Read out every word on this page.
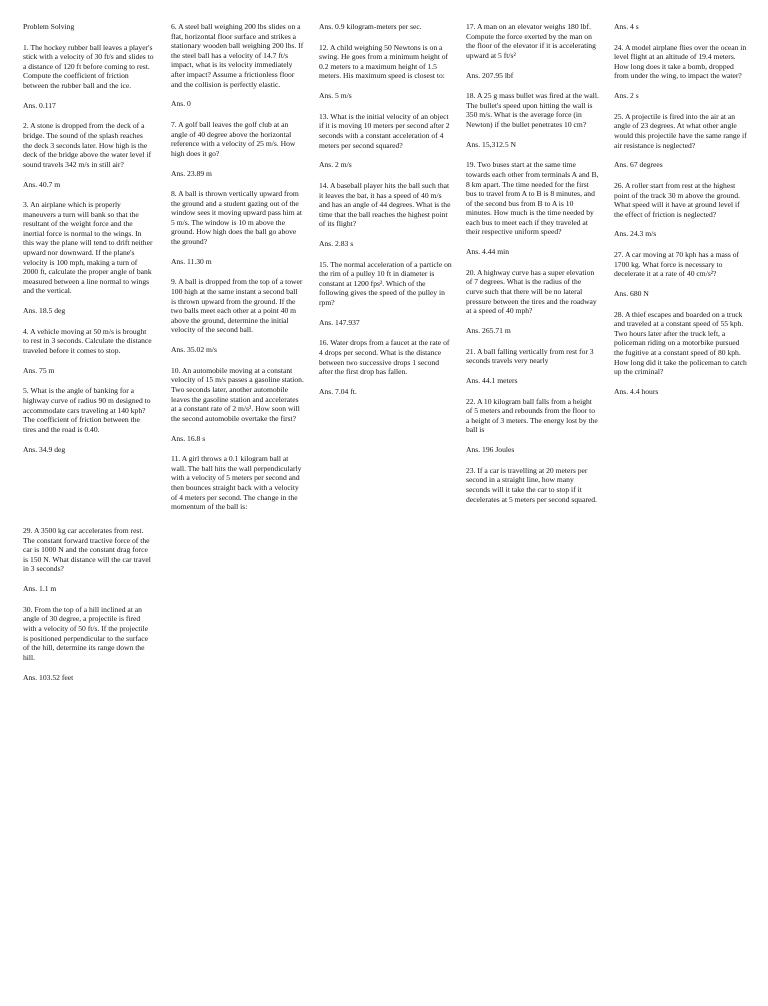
Problem Solving

1. The hockey rubber ball leaves a player's stick with a velocity of 30 ft/s and slides to a distance of 120 ft before coming to rest. Compute the coefficient of friction between the rubber ball and the ice.

Ans. 0.117

2. A stone is dropped from the deck of a bridge. The sound of the splash reaches the deck 3 seconds later. How high is the deck of the bridge above the water level if sound travels 342 m/s in still air?

Ans. 40.7 m

3. An airplane which is properly maneuvers a turn will bank so that the resultant of the weight force and the inertial force is normal to the wings. In this way the plane will tend to drift neither upward nor downward. If the plane's velocity is 100 mph, making a turn of 2000 ft, calculate the proper angle of bank measured between a line normal to wings and the vertical.

Ans. 18.5 deg

4. A vehicle moving at 50 m/s is brought to rest in 3 seconds. Calculate the distance traveled before it comes to stop.

Ans. 75 m

5. What is the angle of banking for a highway curve of radius 90 m designed to accommodate cars traveling at 140 kph? The coefficient of friction between the tires and the road is 0.40.

Ans. 34.9 deg

6. A steel ball weighing 200 lbs slides on a flat, horizontal floor surface and strikes a stationary wooden ball weighing 200 lbs. If the steel ball has a velocity of 14.7 ft/s impact, what is its velocity immediately after impact? Assume a frictionless floor and the collision is perfectly elastic.

Ans. 0

7. A golf ball leaves the golf club at an angle of 40 degree above the horizontal reference with a velocity of 25 m/s. How high does it go?

Ans. 23.89 m

8. A ball is thrown vertically upward from the ground and a student gazing out of the window sees it moving upward pass him at 5 m/s. The window is 10 m above the ground. How high does the ball go above the ground?

Ans. 11.30 m

9. A ball is dropped from the top of a tower 100 high at the same instant a second ball is thrown upward from the ground. If the two balls meet each other at a point 40 m above the ground, determine the initial velocity of the second ball.

Ans. 35.02 m/s

10. An automobile moving at a constant velocity of 15 m/s passes a gasoline station. Two seconds later, another automobile leaves the gasoline station and accelerates at a constant rate of 2 m/s². How soon will the second automobile overtake the first?

Ans. 16.8 s

11. A girl throws a 0.1 kilogram ball at wall. The ball hits the wall perpendicularly with a velocity of 5 meters per second and then bounces straight back with a velocity of 4 meters per second. The change in the momentum of the ball is:

Ans. 0.9 kilogram-meters per sec.

12. A child weighing 50 Newtons is on a swing. He goes from a minimum height of 0.2 meters to a maximum height of 1.5 meters. His maximum speed is closest to:

Ans. 5 m/s

13. What is the initial velocity of an object if it is moving 10 meters per second after 2 seconds with a constant acceleration of 4 meters per second squared?

Ans. 2 m/s

14. A baseball player hits the ball such that it leaves the bat, it has a speed of 40 m/s and has an angle of 44 degrees. What is the time that the ball reaches the highest point of its flight?

Ans. 2.83 s

15. The normal acceleration of a particle on the rim of a pulley 10 ft in diameter is constant at 1200 fps². Which of the following gives the speed of the pulley in rpm?

Ans. 147.937

16. Water drops from a faucet at the rate of 4 drops per second. What is the distance between two successive drops 1 second after the first drop has fallen.

Ans. 7.04 ft.

17. A man on an elevator weighs 180 lbf. Compute the force exerted by the man on the floor of the elevator if it is accelerating upward at 5 ft/s²

Ans. 207.95 lbf

18. A 25 g mass bullet was fired at the wall. The bullet's speed upon hitting the wall is 350 m/s. What is the average force (in Newton) if the bullet penetrates 10 cm?

Ans. 15,312.5 N

19. Two buses start at the same time towards each other from terminals A and B, 8 km apart. The time needed for the first bus to travel from A to B is 8 minutes, and of the second bus from B to A is 10 minutes. How much is the time needed by each bus to meet each if they traveled at their respective uniform speed?

Ans. 4.44 min

20. A highway curve has a super elevation of 7 degrees. What is the radius of the curve such that there will be no lateral pressure between the tires and the roadway at a speed of 40 mph?

Ans. 265.71 m

21. A ball falling vertically from rest for 3 seconds travels very nearly

Ans. 44.1 meters

22. A 10 kilogram ball falls from a height of 5 meters and rebounds from the floor to a height of 3 meters. The energy lost by the ball is

Ans. 196 Joules

23. If a car is travelling at 20 meters per second in a straight line, how many seconds will it take the car to stop if it decelerates at 5 meters per second squared.

Ans. 4 s

24. A model airplane flies over the ocean in level flight at an altitude of 19.4 meters. How long does it take a bomb, dropped from under the wing, to impact the water?

Ans. 2 s

25. A projectile is fired into the air at an angle of 23 degrees. At what other angle would this projectile have the same range if air resistance is neglected?

Ans. 67 degrees

26. A roller start from rest at the highest point of the track 30 m above the ground. What speed will it have at ground level if the effect of friction is neglected?

Ans. 24.3 m/s

27. A car moving at 70 kph has a mass of 1700 kg. What force is necessary to decelerate it at a rate of 40 cm/s²?

Ans. 680 N

28. A thief escapes and boarded on a truck and traveled at a constant speed of 55 kph. Two hours later after the truck left, a policeman riding on a motorbike pursued the fugitive at a constant speed of 80 kph. How long did it take the policeman to catch up the criminal?

Ans. 4.4 hours

29. A 3500 kg car accelerates from rest. The constant forward tractive force of the car is 1000 N and the constant drag force is 150 N. What distance will the car travel in 3 seconds?

Ans. 1.1 m

30. From the top of a hill inclined at an angle of 30 degree, a projectile is fired with a velocity of 50 ft/s. If the projectile is positioned perpendicular to the surface of the hill, determine its range down the hill.

Ans. 103.52 feet
